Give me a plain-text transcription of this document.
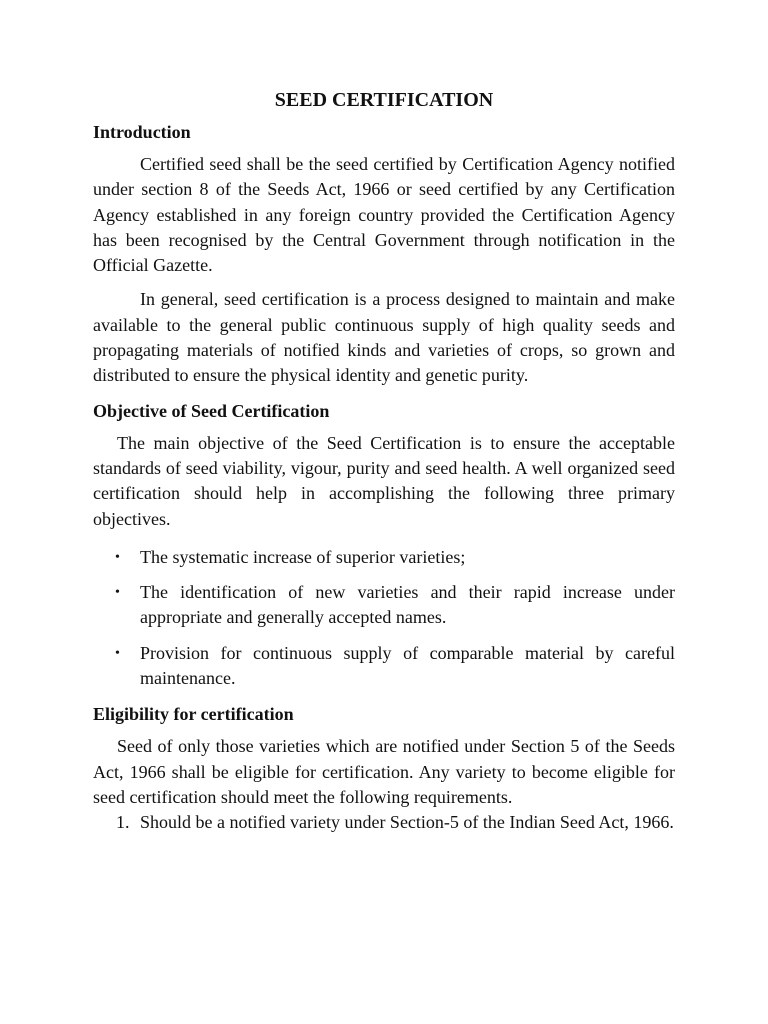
SEED CERTIFICATION
Introduction

Certified seed shall be the seed certified by Certification Agency notified under section 8 of the Seeds Act, 1966 or seed certified by any Certification Agency established in any foreign country provided the Certification Agency has been recognised by the Central Government through notification in the Official Gazette.

In general, seed certification is a process designed to maintain and make available to the general public continuous supply of high quality seeds and propagating materials of notified kinds and varieties of crops, so grown and distributed to ensure the physical identity and genetic purity.

Objective of Seed Certification

The main objective of the Seed Certification is to ensure the acceptable standards of seed viability, vigour, purity and seed health. A well organized seed certification should help in accomplishing the following three primary objectives.

• The systematic increase of superior varieties;
• The identification of new varieties and their rapid increase under appropriate and generally accepted names.
• Provision for continuous supply of comparable material by careful maintenance.
Eligibility for certification

Seed of only those varieties which are notified under Section 5 of the Seeds Act, 1966 shall be eligible for certification. Any variety to become eligible for seed certification should meet the following requirements.

1. Should be a notified variety under Section-5 of the Indian Seed Act, 1966.
